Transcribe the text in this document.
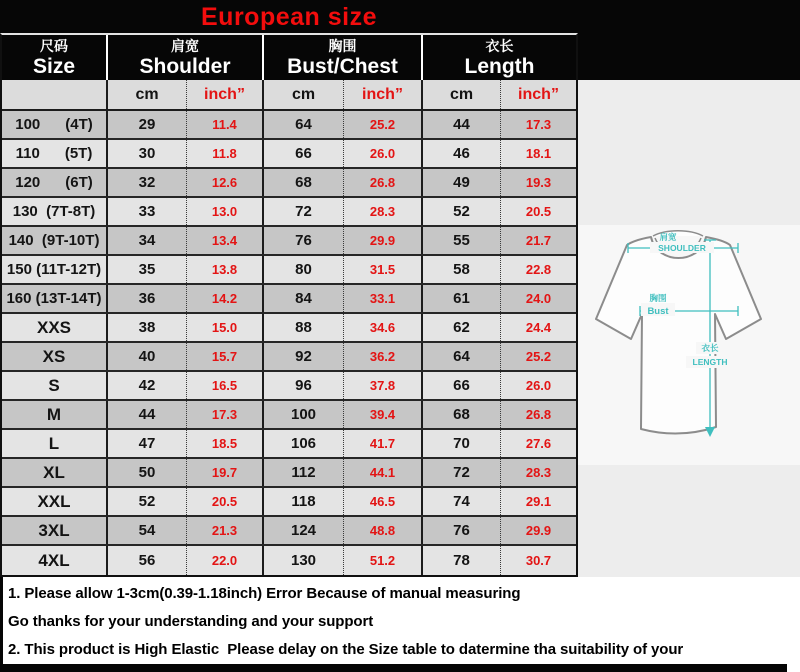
European size
尺码
Size
肩宽
Shoulder
胸围
Bust/Chest
衣长
Length
cm	inch”	cm	inch”	cm	inch”
100      (4T)	29	11.4	64	25.2	44	17.3
110      (5T)	30	11.8	66	26.0	46	18.1
120      (6T)	32	12.6	68	26.8	49	19.3
130  (7T-8T)	33	13.0	72	28.3	52	20.5
140  (9T-10T)	34	13.4	76	29.9	55	21.7
150 (11T-12T)	35	13.8	80	31.5	58	22.8
160 (13T-14T)	36	14.2	84	33.1	61	24.0
XXS	38	15.0	88	34.6	62	24.4
XS	40	15.7	92	36.2	64	25.2
S	42	16.5	96	37.8	66	26.0
M	44	17.3	100	39.4	68	26.8
L	47	18.5	106	41.7	70	27.6
XL	50	19.7	112	44.1	72	28.3
XXL	52	20.5	118	46.5	74	29.1
3XL	54	21.3	124	48.8	76	29.9
4XL	56	22.0	130	51.2	78	30.7
肩宽
SHOULDER
胸围
Bust
衣长
LENGTH
1. Please allow 1-3cm(0.39-1.18inch) Error Because of manual measuring
Go thanks for your understanding and your support
2. This product is High Elastic  Please delay on the Size table to datermine tha suitability of your
